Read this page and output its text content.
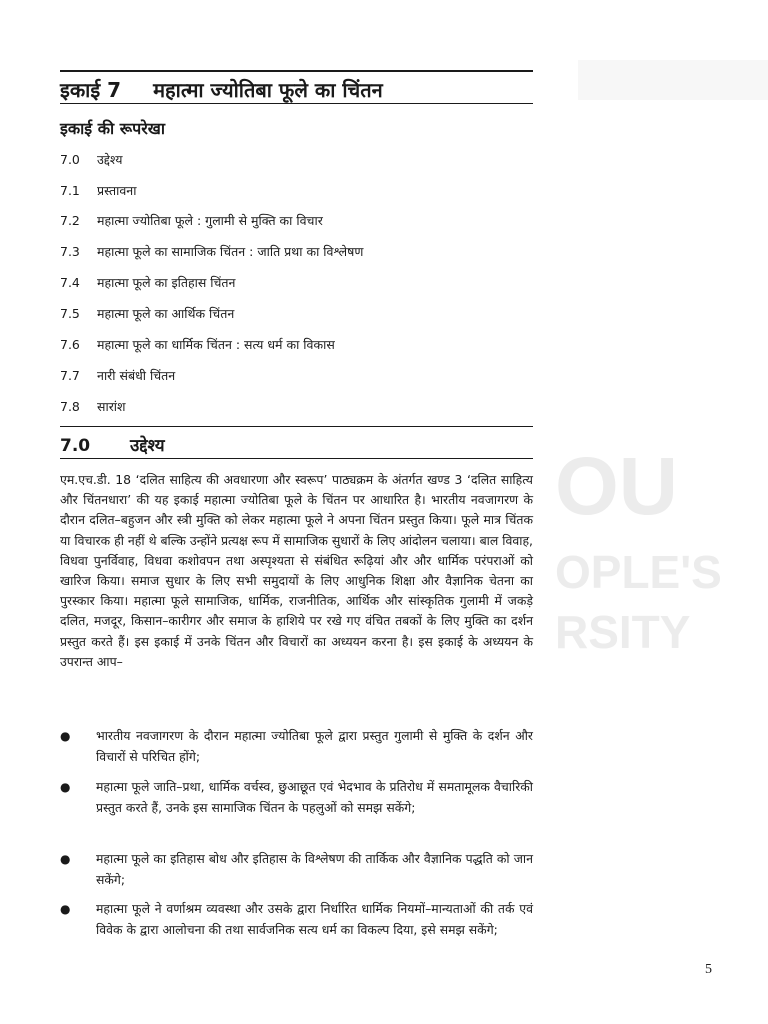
OU
OPLE'S
RSITY
इकाई 7 महात्मा ज्योतिबा फूले का चिंतन
इकाई की रूपरेखा
7.0 उद्देश्य
7.1 प्रस्तावना
7.2 महात्मा ज्योतिबा फूले : गुलामी से मुक्ति का विचार
7.3 महात्मा फूले का सामाजिक चिंतन : जाति प्रथा का विश्लेषण
7.4 महात्मा फूले का इतिहास चिंतन
7.5 महात्मा फूले का आर्थिक चिंतन
7.6 महात्मा फूले का धार्मिक चिंतन : सत्य धर्म का विकास
7.7 नारी संबंधी चिंतन
7.8 सारांश
7.0 उद्देश्य

एम.एच.डी. 18 ‘दलित साहित्य की अवधारणा और स्वरूप’ पाठ्यक्रम के अंतर्गत खण्ड 3 ‘दलित साहित्य और चिंतनधारा’ की यह इकाई महात्मा ज्योतिबा फूले के चिंतन पर आधारित है। भारतीय नवजागरण के दौरान दलित–बहुजन और स्त्री मुक्ति को लेकर महात्मा फूले ने अपना चिंतन प्रस्तुत किया। फूले मात्र चिंतक या विचारक ही नहीं थे बल्कि उन्होंने प्रत्यक्ष रूप में सामाजिक सुधारों के लिए आंदोलन चलाया। बाल विवाह, विधवा पुनर्विवाह, विधवा कशोवपन तथा अस्पृश्यता से संबंधित रूढ़ियां और और धार्मिक परंपराओं को खारिज किया। समाज सुधार के लिए सभी समुदायों के लिए आधुनिक शिक्षा और वैज्ञानिक चेतना का पुरस्कार किया। महात्मा फूले सामाजिक, धार्मिक, राजनीतिक, आर्थिक और सांस्कृतिक गुलामी में जकड़े दलित, मजदूर, किसान–कारीगर और समाज के हाशिये पर रखे गए वंचित तबकों के लिए मुक्ति का दर्शन प्रस्तुत करते हैं। इस इकाई में उनके चिंतन और विचारों का अध्ययन करना है। इस इकाई के अध्ययन के उपरान्त आप–

● भारतीय नवजागरण के दौरान महात्मा ज्योतिबा फूले द्वारा प्रस्तुत गुलामी से मुक्ति के दर्शन और विचारों से परिचित होंगे;
● महात्मा फूले जाति–प्रथा, धार्मिक वर्चस्व, छुआछूत एवं भेदभाव के प्रतिरोध में समतामूलक वैचारिकी प्रस्तुत करते हैं, उनके इस सामाजिक चिंतन के पहलुओं को समझ सकेंगे;
● महात्मा फूले का इतिहास बोध और इतिहास के विश्लेषण की तार्किक और वैज्ञानिक पद्धति को जान सकेंगे;
● महात्मा फूले ने वर्णाश्रम व्यवस्था और उसके द्वारा निर्धारित धार्मिक नियमों–मान्यताओं की तर्क एवं विवेक के द्वारा आलोचना की तथा सार्वजनिक सत्य धर्म का विकल्प दिया, इसे समझ सकेंगे;
5
